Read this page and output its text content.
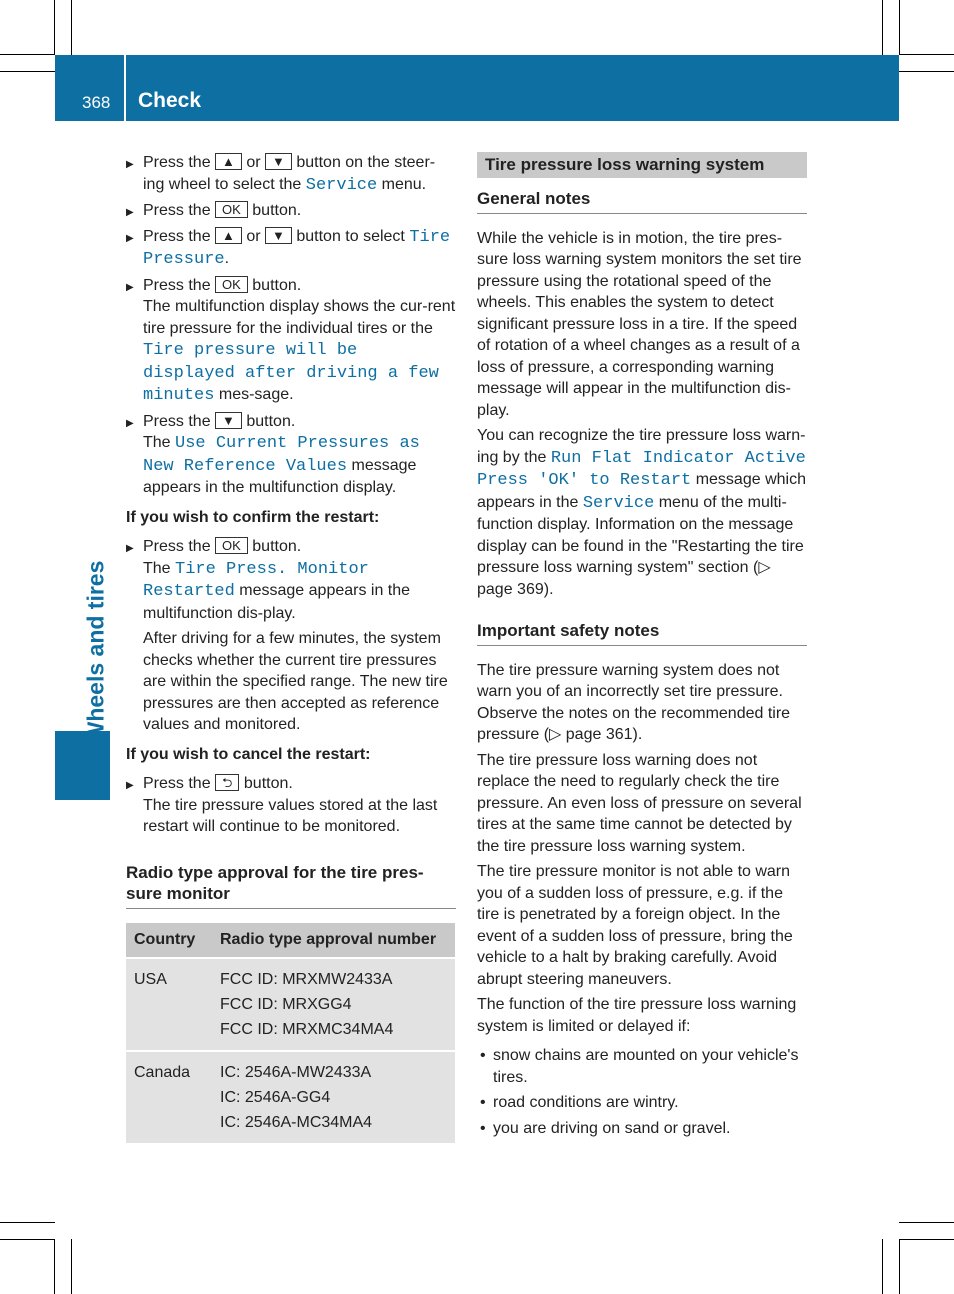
368 Check
Wheels and tires
▶ Press the ▲ or ▼ button on the steer-ing wheel to select the Service menu.
▶ Press the OK button.
▶ Press the ▲ or ▼ button to select Tire Pressure.
▶ Press the OK button.
The multifunction display shows the cur-rent tire pressure for the individual tires or the Tire pressure will be displayed after driving a few minutes mes-sage.
▶ Press the ▼ button.
The Use Current Pressures as New Reference Values message appears in the multifunction display.
If you wish to confirm the restart:
▶ Press the OK button.
The Tire Press. Monitor Restarted message appears in the multifunction dis-play.

After driving for a few minutes, the system checks whether the current tire pressures are within the specified range. The new tire pressures are then accepted as reference values and monitored.

If you wish to cancel the restart:
▶ Press the ⮌ button.
The tire pressure values stored at the last restart will continue to be monitored.
Radio type approval for the tire pres-sure monitor
Country	Radio type approval number
USA	FCC ID: MRXMW2433A
FCC ID: MRXGG4
FCC ID: MRXMC34MA4

Canada	IC: 2546A-MW2433A
IC: 2546A-GG4
IC: 2546A-MC34MA4
Tire pressure loss warning system
General notes

While the vehicle is in motion, the tire pres-sure loss warning system monitors the set tire pressure using the rotational speed of the wheels. This enables the system to detect significant pressure loss in a tire. If the speed of rotation of a wheel changes as a result of a loss of pressure, a corresponding warning message will appear in the multifunction dis-play.

You can recognize the tire pressure loss warn-ing by the Run Flat Indicator Active Press 'OK' to Restart message which appears in the Service menu of the multi-function display. Information on the message display can be found in the "Restarting the tire pressure loss warning system" section (▷ page 369).

Important safety notes

The tire pressure warning system does not warn you of an incorrectly set tire pressure. Observe the notes on the recommended tire pressure (▷ page 361).

The tire pressure loss warning does not replace the need to regularly check the tire pressure. An even loss of pressure on several tires at the same time cannot be detected by the tire pressure loss warning system.

The tire pressure monitor is not able to warn you of a sudden loss of pressure, e.g. if the tire is penetrated by a foreign object. In the event of a sudden loss of pressure, bring the vehicle to a halt by braking carefully. Avoid abrupt steering maneuvers.

The function of the tire pressure loss warning system is limited or delayed if:

• snow chains are mounted on your vehicle's tires.
• road conditions are wintry.
• you are driving on sand or gravel.
